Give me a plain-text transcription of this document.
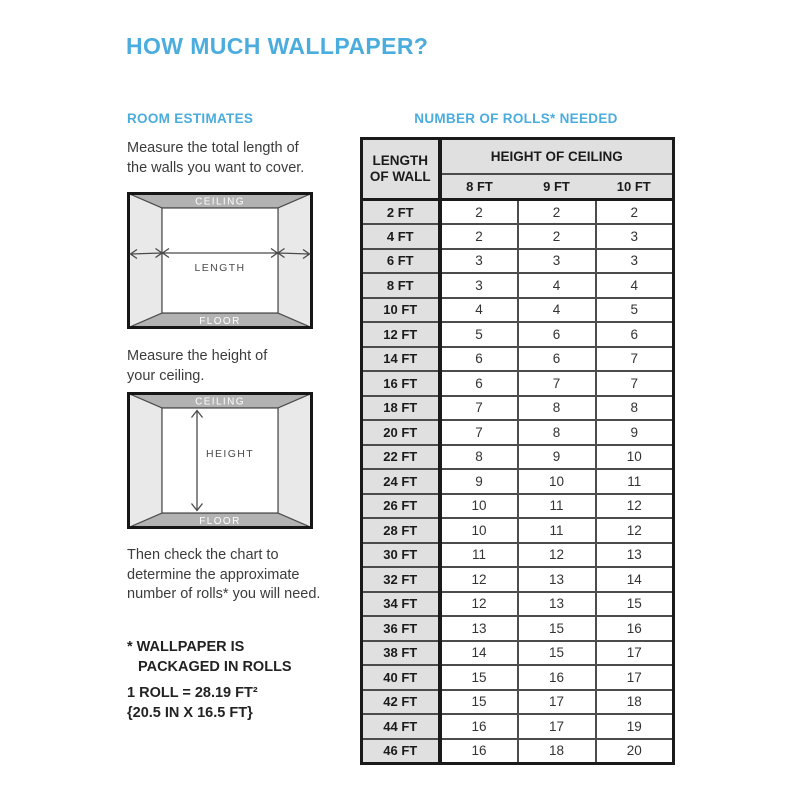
HOW MUCH WALLPAPER?
ROOM ESTIMATES
Measure the total length of
the walls you want to cover.
CEILING
FLOOR
LENGTH
Measure the height of
your ceiling.
CEILING
FLOOR
HEIGHT
Then check the chart to
determine the approximate
number of rolls* you will need.
* WALLPAPER IS
PACKAGED IN ROLLS
1 ROLL = 28.19 FT²
{20.5 IN X 16.5 FT}
NUMBER OF ROLLS* NEEDED
LENGTH
OF WALL	HEIGHT OF CEILING		
	8 FT	9 FT	10 FT
2 FT	2	2	2
4 FT	2	2	3
6 FT	3	3	3
8 FT	3	4	4
10 FT	4	4	5
12 FT	5	6	6
14 FT	6	6	7
16 FT	6	7	7
18 FT	7	8	8
20 FT	7	8	9
22 FT	8	9	10
24 FT	9	10	11
26 FT	10	11	12
28 FT	10	11	12
30 FT	11	12	13
32 FT	12	13	14
34 FT	12	13	15
36 FT	13	15	16
38 FT	14	15	17
40 FT	15	16	17
42 FT	15	17	18
44 FT	16	17	19
46 FT	16	18	20
